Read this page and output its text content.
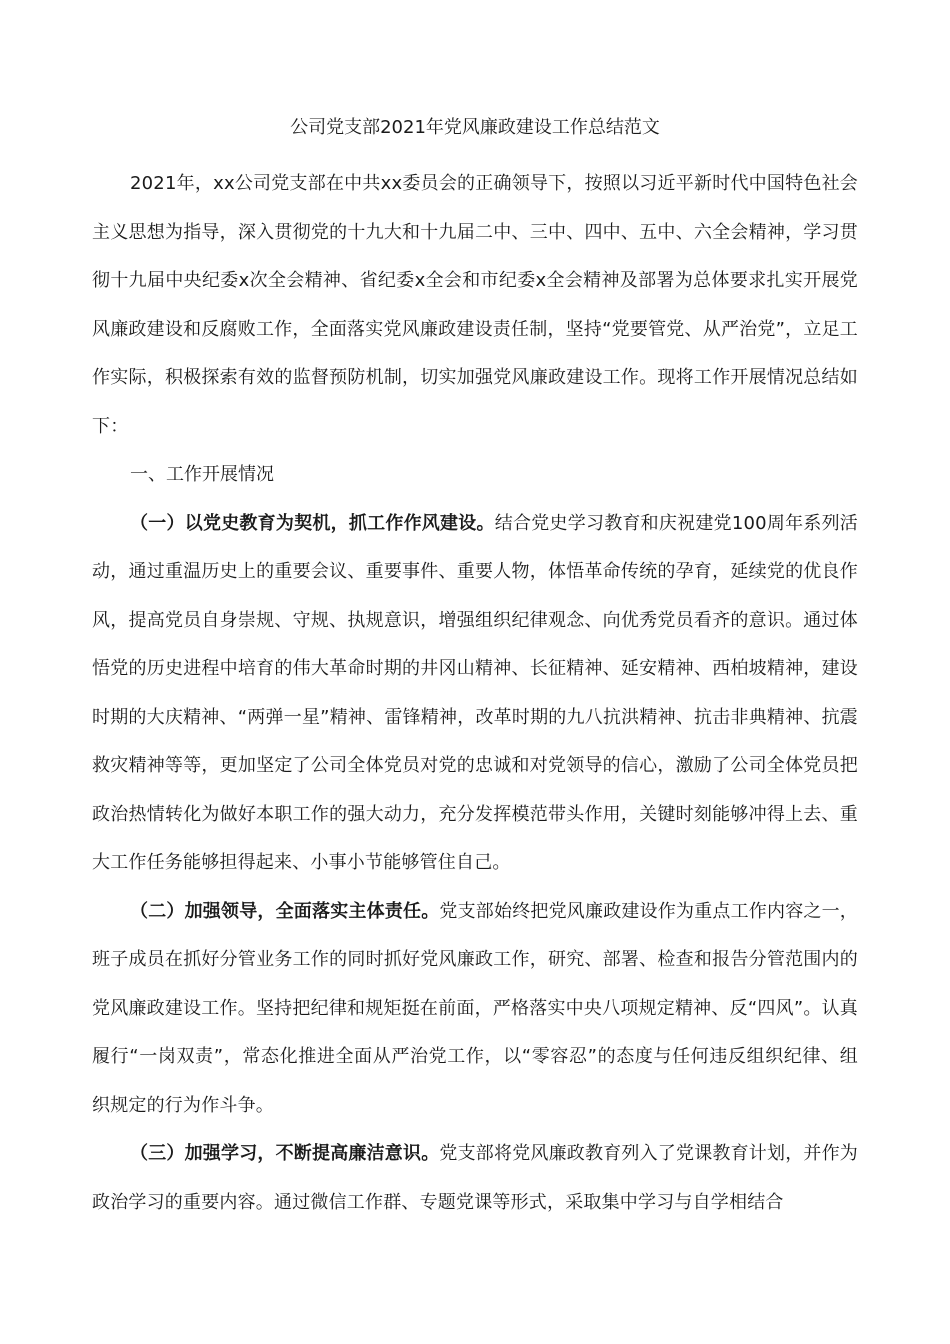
公司党支部2021年党风廉政建设工作总结范文

2021年，xx公司党支部在中共xx委员会的正确领导下，按照以习近平新时代中国特色社会主义思想为指导，深入贯彻党的十九大和十九届二中、三中、四中、五中、六全会精神，学习贯彻十九届中央纪委x次全会精神、省纪委x全会和市纪委x全会精神及部署为总体要求扎实开展党风廉政建设和反腐败工作，全面落实党风廉政建设责任制，坚持“党要管党、从严治党”，立足工作实际，积极探索有效的监督预防机制，切实加强党风廉政建设工作。现将工作开展情况总结如下：

一、工作开展情况

（一）以党史教育为契机，抓工作作风建设。结合党史学习教育和庆祝建党100周年系列活动，通过重温历史上的重要会议、重要事件、重要人物，体悟革命传统的孕育，延续党的优良作风，提高党员自身崇规、守规、执规意识，增强组织纪律观念、向优秀党员看齐的意识。通过体悟党的历史进程中培育的伟大革命时期的井冈山精神、长征精神、延安精神、西柏坡精神，建设时期的大庆精神、“两弹一星”精神、雷锋精神，改革时期的九八抗洪精神、抗击非典精神、抗震救灾精神等等，更加坚定了公司全体党员对党的忠诚和对党领导的信心，激励了公司全体党员把政治热情转化为做好本职工作的强大动力，充分发挥模范带头作用，关键时刻能够冲得上去、重大工作任务能够担得起来、小事小节能够管住自己。

（二）加强领导，全面落实主体责任。党支部始终把党风廉政建设作为重点工作内容之一，班子成员在抓好分管业务工作的同时抓好党风廉政工作，研究、部署、检查和报告分管范围内的党风廉政建设工作。坚持把纪律和规矩挺在前面，严格落实中央八项规定精神、反“四风”。认真履行“一岗双责”，常态化推进全面从严治党工作，以“零容忍”的态度与任何违反组织纪律、组织规定的行为作斗争。

（三）加强学习，不断提高廉洁意识。党支部将党风廉政教育列入了党课教育计划，并作为政治学习的重要内容。通过微信工作群、专题党课等形式，采取集中学习与自学相结合
